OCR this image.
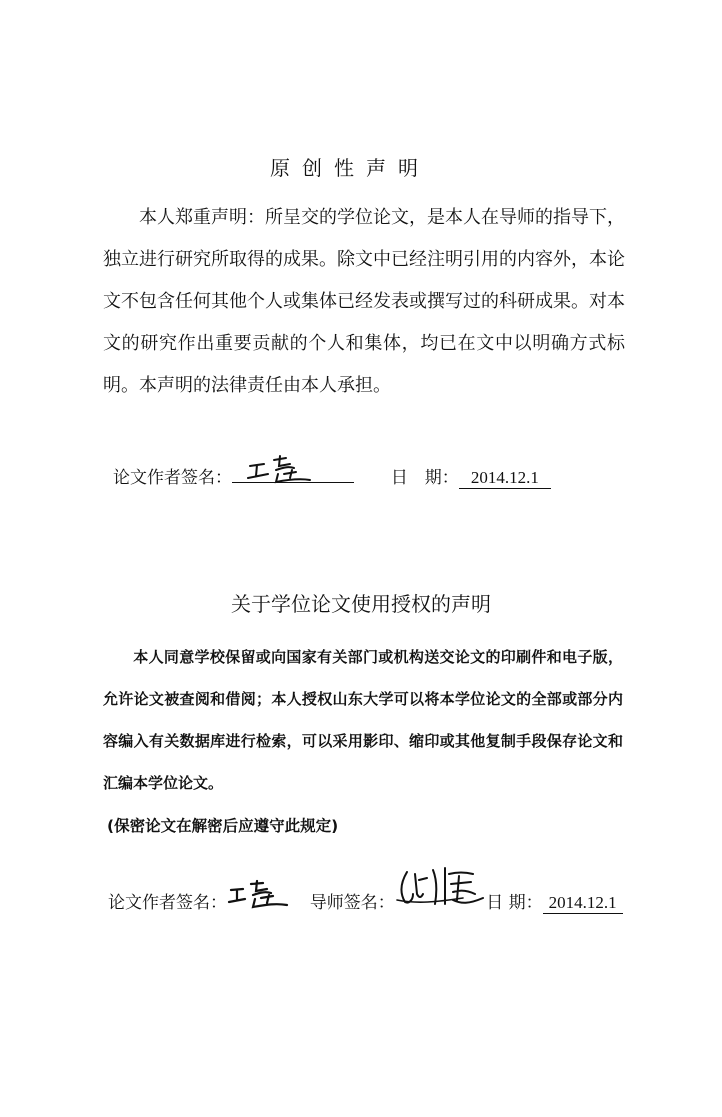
原创性声明
本人郑重声明：所呈交的学位论文，是本人在导师的指导下，独立进行研究所取得的成果。除文中已经注明引用的内容外，本论文不包含任何其他个人或集体已经发表或撰写过的科研成果。对本文的研究作出重要贡献的个人和集体，均已在文中以明确方式标明。本声明的法律责任由本人承担。
论文作者签名：	日　期： 2014.12.1
关于学位论文使用授权的声明
本人同意学校保留或向国家有关部门或机构送交论文的印刷件和电子版，允许论文被查阅和借阅；本人授权山东大学可以将本学位论文的全部或部分内容编入有关数据库进行检索，可以采用影印、缩印或其他复制手段保存论文和汇编本学位论文。
(保密论文在解密后应遵守此规定)
论文作者签名：	导师签名：	日 期： 2014.12.1
